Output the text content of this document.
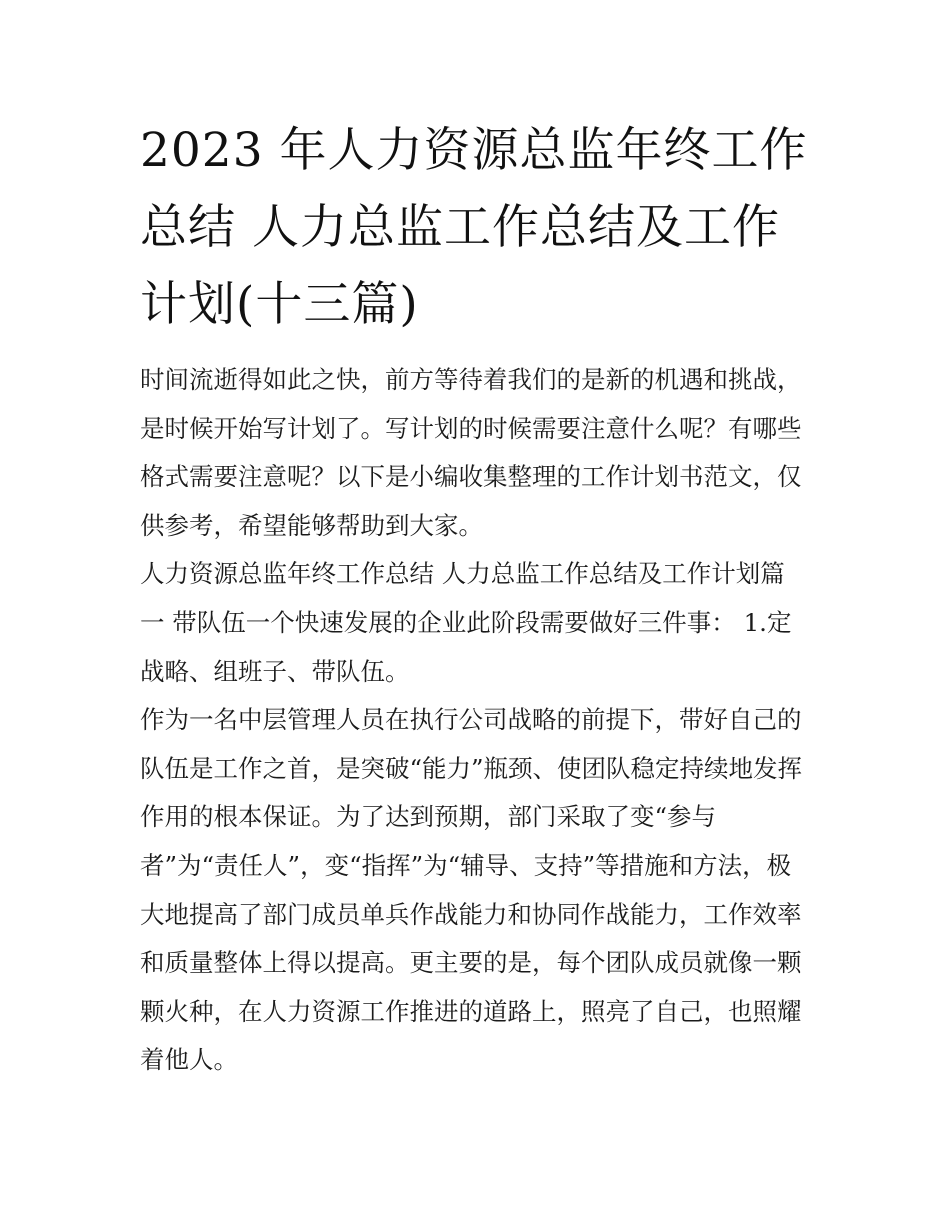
2023 年人力资源总监年终工作
总结 人力总监工作总结及工作
计划(十三篇)
时间流逝得如此之快，前方等待着我们的是新的机遇和挑战，
是时候开始写计划了。写计划的时候需要注意什么呢？有哪些
格式需要注意呢？以下是小编收集整理的工作计划书范文，仅
供参考，希望能够帮助到大家。
人力资源总监年终工作总结 人力总监工作总结及工作计划篇
一 带队伍一个快速发展的企业此阶段需要做好三件事： 1.定
战略、组班子、带队伍。
作为一名中层管理人员在执行公司战略的前提下，带好自己的
队伍是工作之首，是突破“能力”瓶颈、使团队稳定持续地发挥
作用的根本保证。为了达到预期，部门采取了变“参与
者”为“责任人”，变“指挥”为“辅导、支持”等措施和方法，极
大地提高了部门成员单兵作战能力和协同作战能力，工作效率
和质量整体上得以提高。更主要的是，每个团队成员就像一颗
颗火种，在人力资源工作推进的道路上，照亮了自己，也照耀
着他人。
